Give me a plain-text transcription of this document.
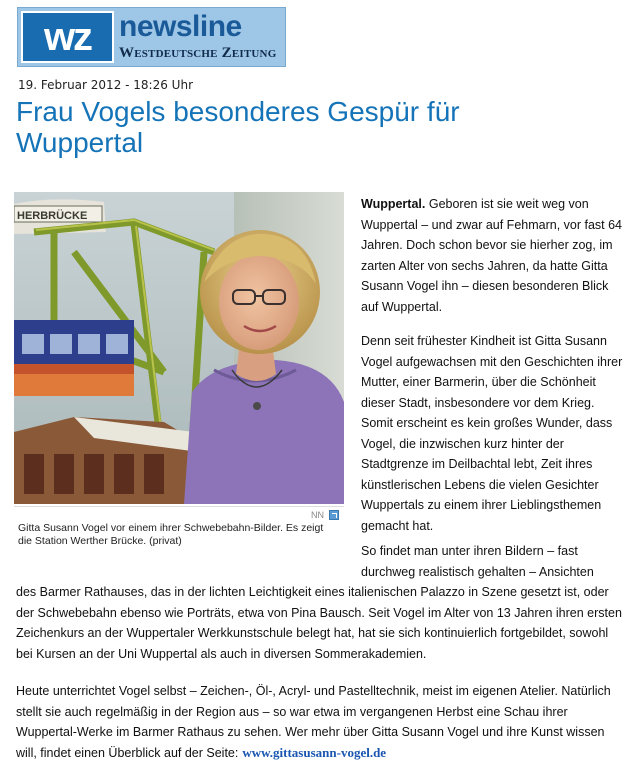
wz newsline
Westdeutsche Zeitung
19. Februar 2012 - 18:26 Uhr
Frau Vogels besonderes Gespür für Wuppertal
HERBRÜCKE
NN
Gitta Susann Vogel vor einem ihrer Schwebebahn-Bilder. Es zeigt die Station Werther Brücke. (privat)

Wuppertal. Geboren ist sie weit weg von Wuppertal – und zwar auf Fehmarn, vor fast 64 Jahren. Doch schon bevor sie hierher zog, im zarten Alter von sechs Jahren, da hatte Gitta Susann Vogel ihn – diesen besonderen Blick auf Wuppertal.

Denn seit frühester Kindheit ist Gitta Susann Vogel aufgewachsen mit den Geschichten ihrer Mutter, einer Barmerin, über die Schönheit dieser Stadt, insbesondere vor dem Krieg. Somit erscheint es kein großes Wunder, dass Vogel, die inzwischen kurz hinter der Stadtgrenze im Deilbachtal lebt, Zeit ihres künstlerischen Lebens die vielen Gesichter Wuppertals zu einem ihrer Lieblingsthemen gemacht hat.

So findet man unter ihren Bildern – fast durchweg realistisch gehalten – Ansichten

des Barmer Rathauses, das in der lichten Leichtigkeit eines italienischen Palazzo in Szene gesetzt ist, oder der Schwebebahn ebenso wie Porträts, etwa von Pina Bausch. Seit Vogel im Alter von 13 Jahren ihren ersten Zeichenkurs an der Wuppertaler Werkkunstschule belegt hat, hat sie sich kontinuierlich fortgebildet, sowohl bei Kursen an der Uni Wuppertal als auch in diversen Sommerakademien.

Heute unterrichtet Vogel selbst – Zeichen-, Öl-, Acryl- und Pastelltechnik, meist im eigenen Atelier. Natürlich stellt sie auch regelmäßig in der Region aus – so war etwa im vergangenen Herbst eine Schau ihrer Wuppertal-Werke im Barmer Rathaus zu sehen. Wer mehr über Gitta Susann Vogel und ihre Kunst wissen will, findet einen Überblick auf der Seite: www.gittasusann-vogel.de
